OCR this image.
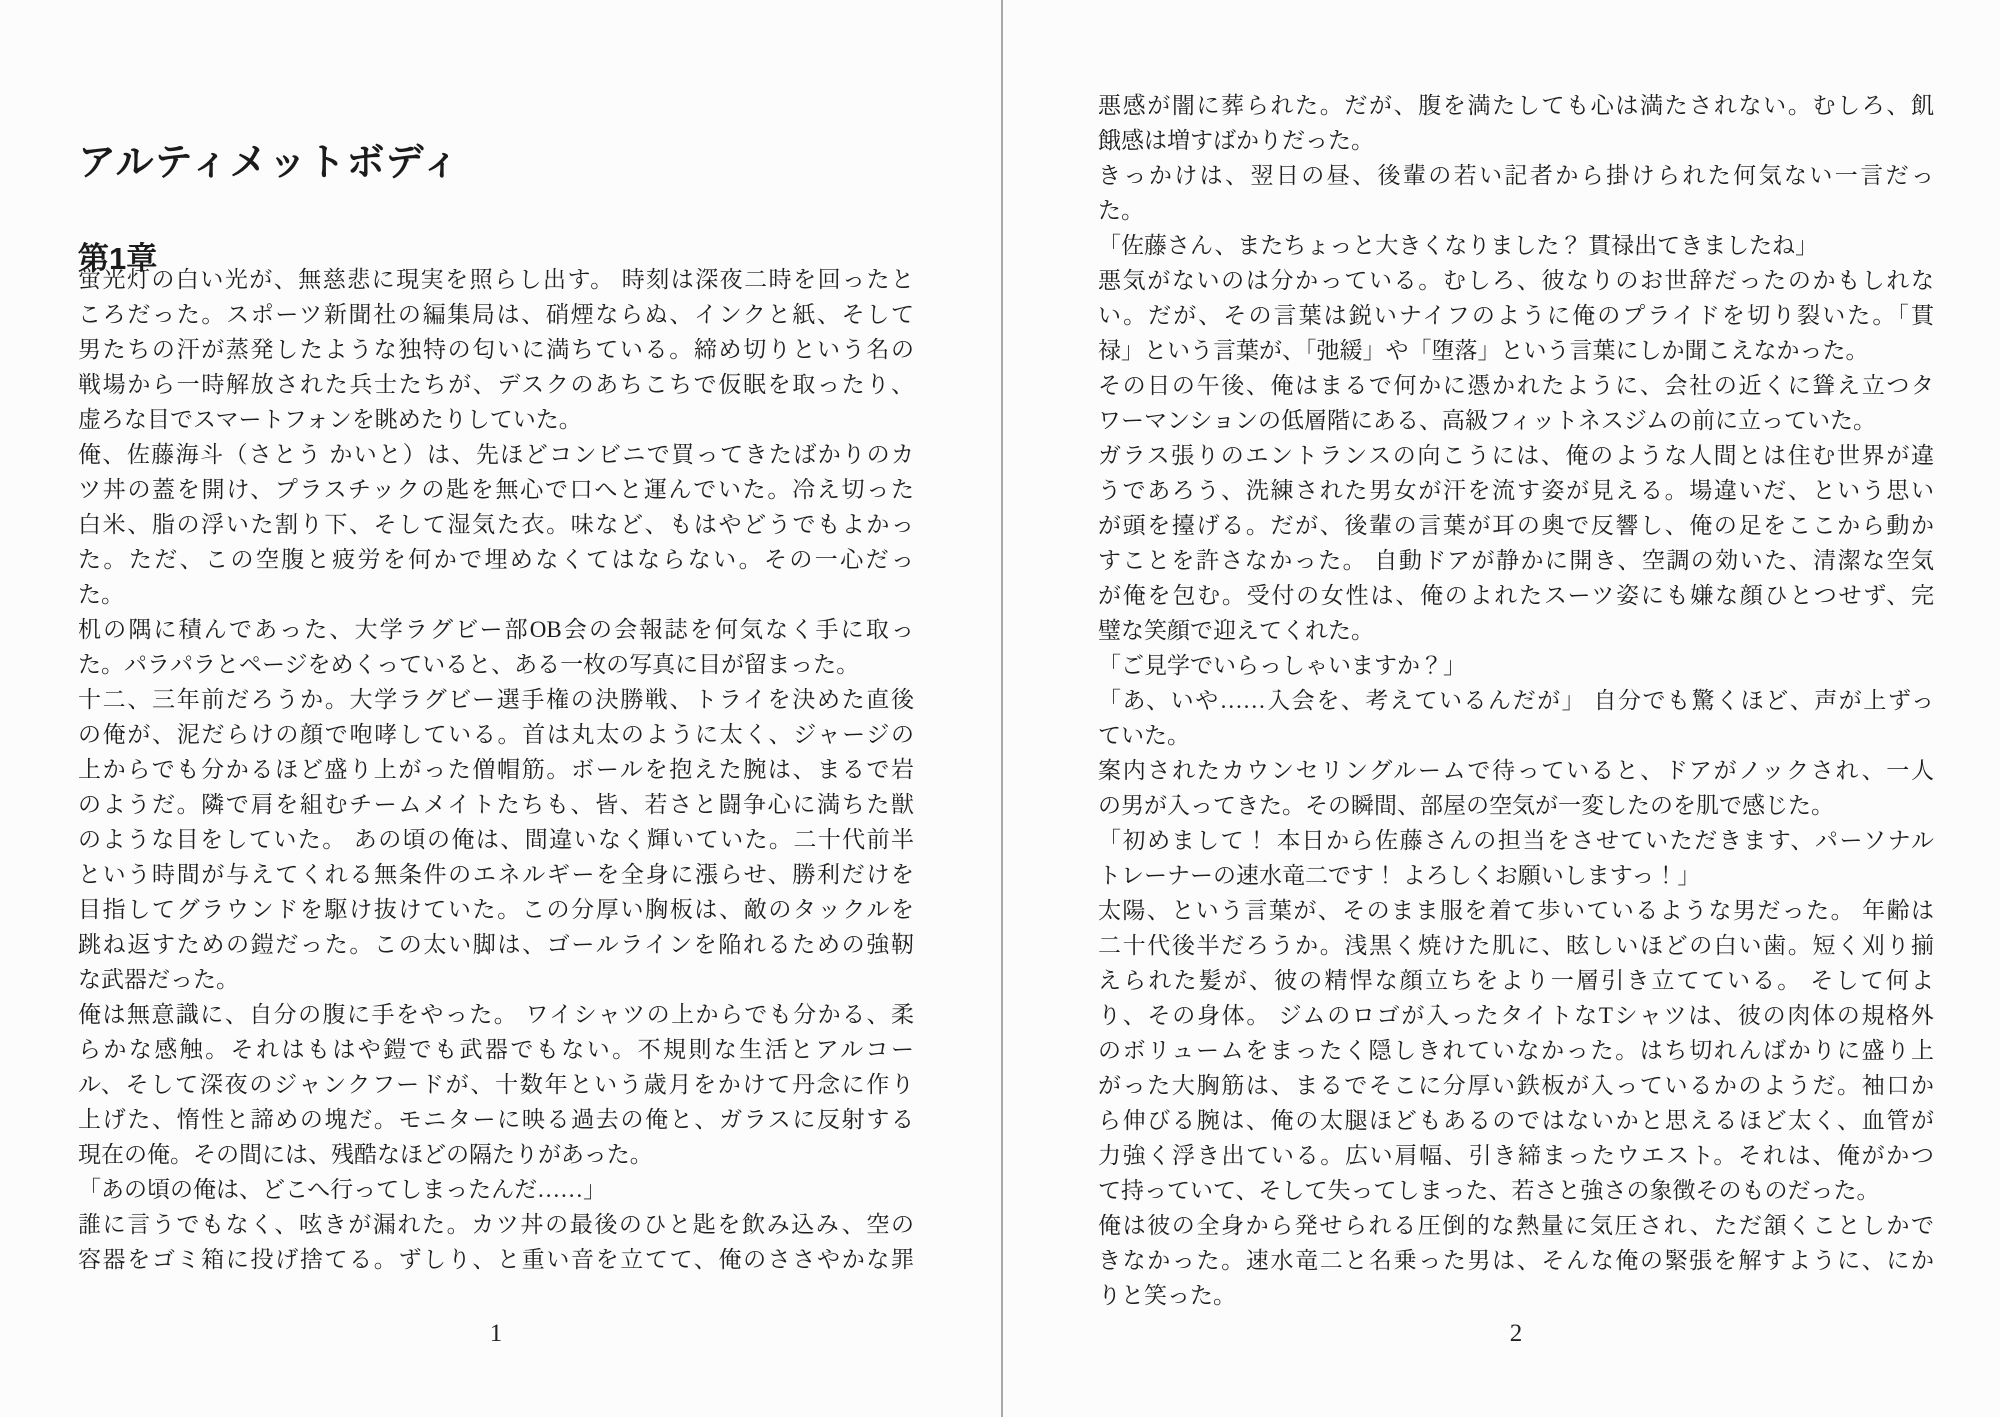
アルティメットボディ
第1章
蛍光灯の白い光が、無慈悲に現実を照らし出す。 時刻は深夜二時を回ったと
ころだった。スポーツ新聞社の編集局は、硝煙ならぬ、インクと紙、そして
男たちの汗が蒸発したような独特の匂いに満ちている。締め切りという名の
戦場から一時解放された兵士たちが、デスクのあちこちで仮眠を取ったり、
虚ろな目でスマートフォンを眺めたりしていた。
俺、佐藤海斗（さとう かいと）は、先ほどコンビニで買ってきたばかりのカ
ツ丼の蓋を開け、プラスチックの匙を無心で口へと運んでいた。冷え切った
白米、脂の浮いた割り下、そして湿気た衣。味など、もはやどうでもよかっ
た。ただ、この空腹と疲労を何かで埋めなくてはならない。その一心だっ
た。
机の隅に積んであった、大学ラグビー部OB会の会報誌を何気なく手に取っ
た。パラパラとページをめくっていると、ある一枚の写真に目が留まった。
十二、三年前だろうか。大学ラグビー選手権の決勝戦、トライを決めた直後
の俺が、泥だらけの顔で咆哮している。首は丸太のように太く、ジャージの
上からでも分かるほど盛り上がった僧帽筋。ボールを抱えた腕は、まるで岩
のようだ。隣で肩を組むチームメイトたちも、皆、若さと闘争心に満ちた獣
のような目をしていた。 あの頃の俺は、間違いなく輝いていた。二十代前半
という時間が与えてくれる無条件のエネルギーを全身に漲らせ、勝利だけを
目指してグラウンドを駆け抜けていた。この分厚い胸板は、敵のタックルを
跳ね返すための鎧だった。この太い脚は、ゴールラインを陥れるための強靭
な武器だった。
俺は無意識に、自分の腹に手をやった。 ワイシャツの上からでも分かる、柔
らかな感触。それはもはや鎧でも武器でもない。不規則な生活とアルコー
ル、そして深夜のジャンクフードが、十数年という歳月をかけて丹念に作り
上げた、惰性と諦めの塊だ。モニターに映る過去の俺と、ガラスに反射する
現在の俺。その間には、残酷なほどの隔たりがあった。
「あの頃の俺は、どこへ行ってしまったんだ……」
誰に言うでもなく、呟きが漏れた。カツ丼の最後のひと匙を飲み込み、空の
容器をゴミ箱に投げ捨てる。ずしり、と重い音を立てて、俺のささやかな罪
1
悪感が闇に葬られた。だが、腹を満たしても心は満たされない。むしろ、飢
餓感は増すばかりだった。
きっかけは、翌日の昼、後輩の若い記者から掛けられた何気ない一言だっ
た。
「佐藤さん、またちょっと大きくなりました？ 貫禄出てきましたね」
悪気がないのは分かっている。むしろ、彼なりのお世辞だったのかもしれな
い。だが、その言葉は鋭いナイフのように俺のプライドを切り裂いた。「貫
禄」という言葉が、「弛緩」や「堕落」という言葉にしか聞こえなかった。
その日の午後、俺はまるで何かに憑かれたように、会社の近くに聳え立つタ
ワーマンションの低層階にある、高級フィットネスジムの前に立っていた。
ガラス張りのエントランスの向こうには、俺のような人間とは住む世界が違
うであろう、洗練された男女が汗を流す姿が見える。場違いだ、という思い
が頭を擡げる。だが、後輩の言葉が耳の奥で反響し、俺の足をここから動か
すことを許さなかった。 自動ドアが静かに開き、空調の効いた、清潔な空気
が俺を包む。受付の女性は、俺のよれたスーツ姿にも嫌な顔ひとつせず、完
璧な笑顔で迎えてくれた。
「ご見学でいらっしゃいますか？」
「あ、いや……入会を、考えているんだが」 自分でも驚くほど、声が上ずっ
ていた。
案内されたカウンセリングルームで待っていると、ドアがノックされ、一人
の男が入ってきた。その瞬間、部屋の空気が一変したのを肌で感じた。
「初めまして！ 本日から佐藤さんの担当をさせていただきます、パーソナル
トレーナーの速水竜二です！ よろしくお願いしますっ！」
太陽、という言葉が、そのまま服を着て歩いているような男だった。 年齢は
二十代後半だろうか。浅黒く焼けた肌に、眩しいほどの白い歯。短く刈り揃
えられた髪が、彼の精悍な顔立ちをより一層引き立てている。 そして何よ
り、その身体。 ジムのロゴが入ったタイトなTシャツは、彼の肉体の規格外
のボリュームをまったく隠しきれていなかった。はち切れんばかりに盛り上
がった大胸筋は、まるでそこに分厚い鉄板が入っているかのようだ。袖口か
ら伸びる腕は、俺の太腿ほどもあるのではないかと思えるほど太く、血管が
力強く浮き出ている。広い肩幅、引き締まったウエスト。それは、俺がかつ
て持っていて、そして失ってしまった、若さと強さの象徴そのものだった。
俺は彼の全身から発せられる圧倒的な熱量に気圧され、ただ頷くことしかで
きなかった。速水竜二と名乗った男は、そんな俺の緊張を解すように、にか
りと笑った。
2
